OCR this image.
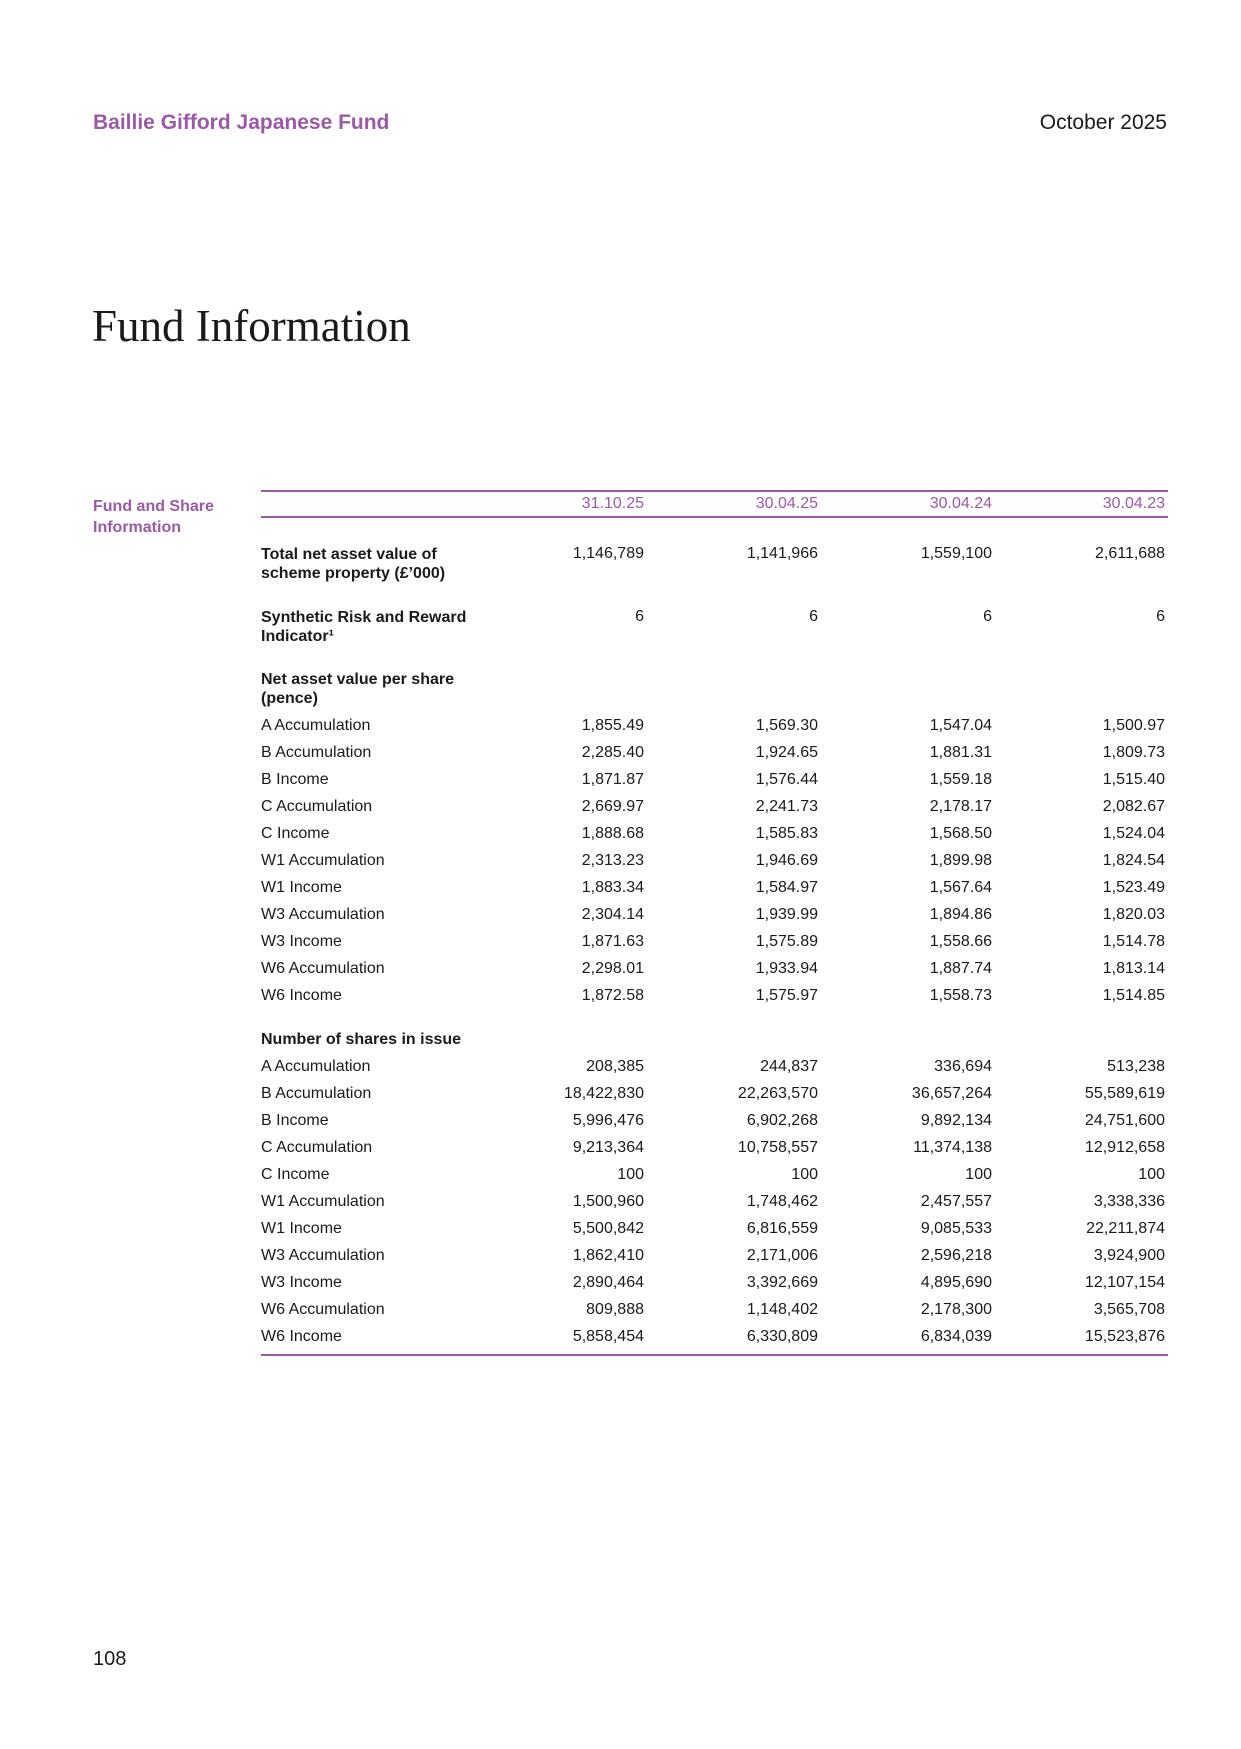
Baillie Gifford Japanese Fund	October 2025
Fund Information
Fund and Share Information
31.10.25	30.04.25	30.04.24	30.04.23
Total net asset value of scheme property (£’000)
1,146,789	1,141,966	1,559,100	2,611,688
Synthetic Risk and Reward Indicator¹
6	6	6	6
Net asset value per share (pence)
A Accumulation	1,855.49	1,569.30	1,547.04	1,500.97
B Accumulation	2,285.40	1,924.65	1,881.31	1,809.73
B Income	1,871.87	1,576.44	1,559.18	1,515.40
C Accumulation	2,669.97	2,241.73	2,178.17	2,082.67
C Income	1,888.68	1,585.83	1,568.50	1,524.04
W1 Accumulation	2,313.23	1,946.69	1,899.98	1,824.54
W1 Income	1,883.34	1,584.97	1,567.64	1,523.49
W3 Accumulation	2,304.14	1,939.99	1,894.86	1,820.03
W3 Income	1,871.63	1,575.89	1,558.66	1,514.78
W6 Accumulation	2,298.01	1,933.94	1,887.74	1,813.14
W6 Income	1,872.58	1,575.97	1,558.73	1,514.85
Number of shares in issue
A Accumulation	208,385	244,837	336,694	513,238
B Accumulation	18,422,830	22,263,570	36,657,264	55,589,619
B Income	5,996,476	6,902,268	9,892,134	24,751,600
C Accumulation	9,213,364	10,758,557	11,374,138	12,912,658
C Income	100	100	100	100
W1 Accumulation	1,500,960	1,748,462	2,457,557	3,338,336
W1 Income	5,500,842	6,816,559	9,085,533	22,211,874
W3 Accumulation	1,862,410	2,171,006	2,596,218	3,924,900
W3 Income	2,890,464	3,392,669	4,895,690	12,107,154
W6 Accumulation	809,888	1,148,402	2,178,300	3,565,708
W6 Income	5,858,454	6,330,809	6,834,039	15,523,876
108
